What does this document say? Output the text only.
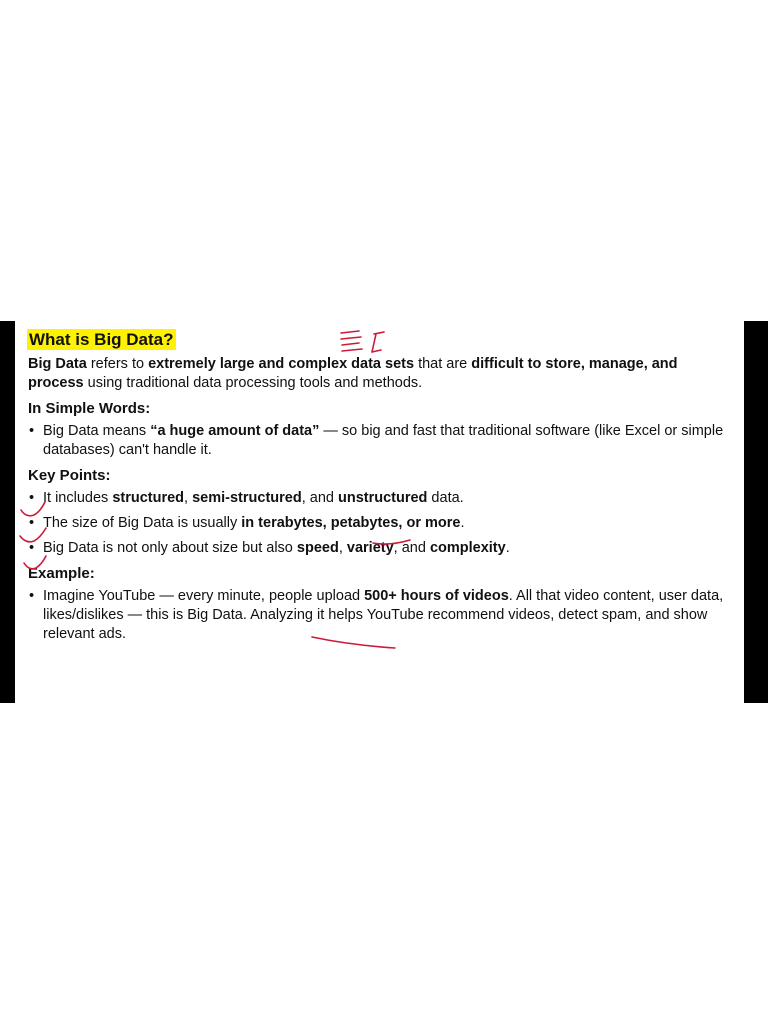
What is Big Data?

Big Data refers to extremely large and complex data sets that are difficult to store, manage, and process using traditional data processing tools and methods.

In Simple Words:
• Big Data means “a huge amount of data” — so big and fast that traditional software (like Excel or simple databases) can't handle it.
Key Points:
• It includes structured, semi-structured, and unstructured data.
• The size of Big Data is usually in terabytes, petabytes, or more.
• Big Data is not only about size but also speed, variety, and complexity.
Example:
• Imagine YouTube — every minute, people upload 500+ hours of videos. All that video content, user data, likes/dislikes — this is Big Data. Analyzing it helps YouTube recommend videos, detect spam, and show relevant ads.
